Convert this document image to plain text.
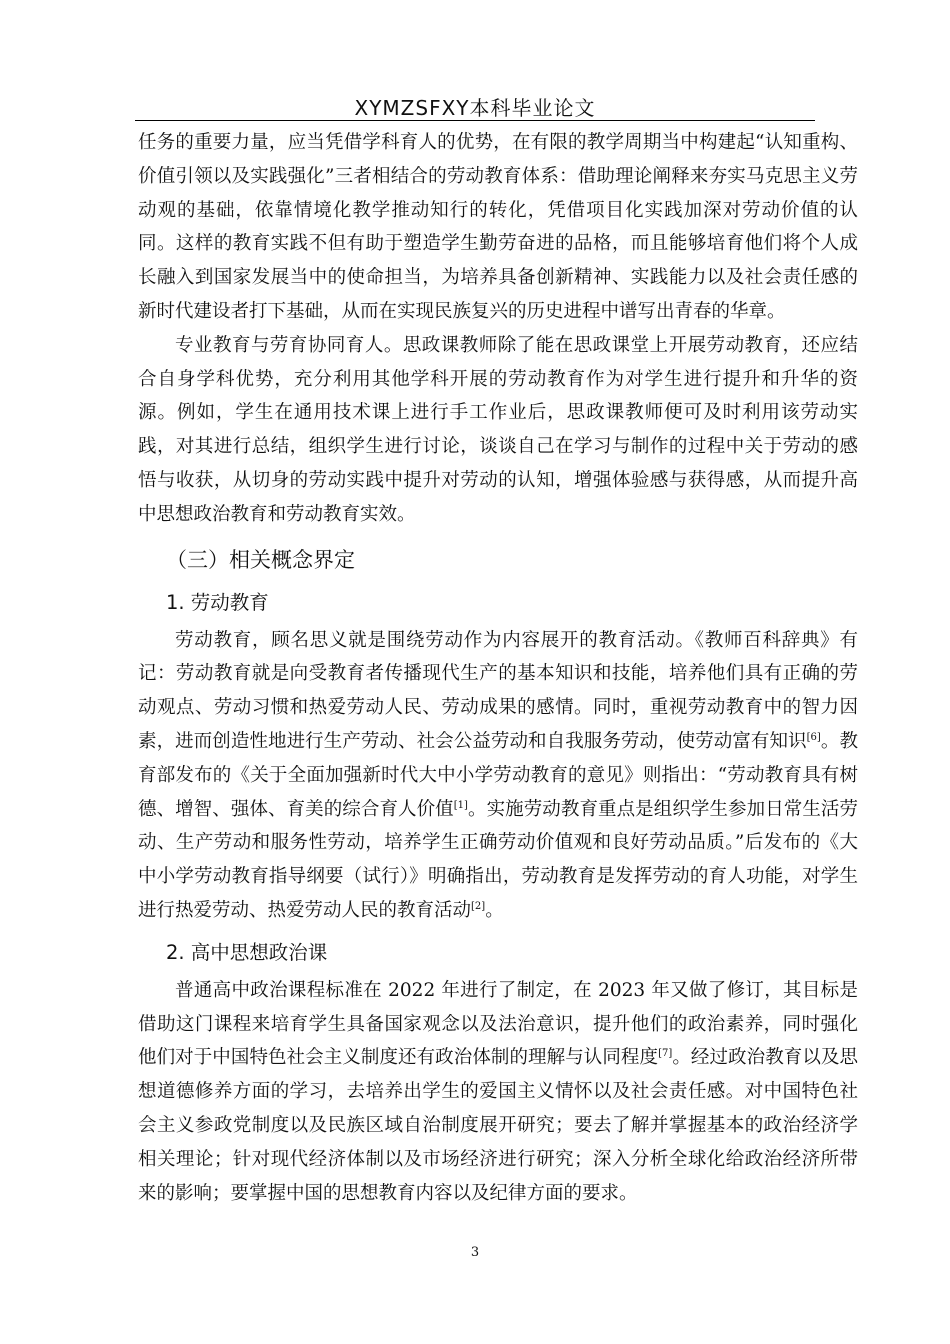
XYMZSFXY本科毕业论文

任务的重要力量，应当凭借学科育人的优势，在有限的教学周期当中构建起“认知重构、价值引领以及实践强化”三者相结合的劳动教育体系：借助理论阐释来夯实马克思主义劳动观的基础，依靠情境化教学推动知行的转化，凭借项目化实践加深对劳动价值的认同。这样的教育实践不但有助于塑造学生勤劳奋进的品格，而且能够培育他们将个人成长融入到国家发展当中的使命担当，为培养具备创新精神、实践能力以及社会责任感的新时代建设者打下基础，从而在实现民族复兴的历史进程中谱写出青春的华章。

专业教育与劳育协同育人。思政课教师除了能在思政课堂上开展劳动教育，还应结合自身学科优势，充分利用其他学科开展的劳动教育作为对学生进行提升和升华的资源。例如，学生在通用技术课上进行手工作业后，思政课教师便可及时利用该劳动实践，对其进行总结，组织学生进行讨论，谈谈自己在学习与制作的过程中关于劳动的感悟与收获，从切身的劳动实践中提升对劳动的认知，增强体验感与获得感，从而提升高中思想政治教育和劳动教育实效。

（三）相关概念界定
1. 劳动教育

劳动教育，顾名思义就是围绕劳动作为内容展开的教育活动。《教师百科辞典》有记：劳动教育就是向受教育者传播现代生产的基本知识和技能，培养他们具有正确的劳动观点、劳动习惯和热爱劳动人民、劳动成果的感情。同时，重视劳动教育中的智力因素，进而创造性地进行生产劳动、社会公益劳动和自我服务劳动，使劳动富有知识[6]。教育部发布的《关于全面加强新时代大中小学劳动教育的意见》则指出：“劳动教育具有树德、增智、强体、育美的综合育人价值[1]。实施劳动教育重点是组织学生参加日常生活劳动、生产劳动和服务性劳动，培养学生正确劳动价值观和良好劳动品质。”后发布的《大中小学劳动教育指导纲要（试行）》明确指出，劳动教育是发挥劳动的育人功能，对学生进行热爱劳动、热爱劳动人民的教育活动[2]。

2. 高中思想政治课

普通高中政治课程标准在 2022 年进行了制定，在 2023 年又做了修订，其目标是借助这门课程来培育学生具备国家观念以及法治意识，提升他们的政治素养，同时强化他们对于中国特色社会主义制度还有政治体制的理解与认同程度[7]。经过政治教育以及思想道德修养方面的学习，去培养出学生的爱国主义情怀以及社会责任感。对中国特色社会主义参政党制度以及民族区域自治制度展开研究；要去了解并掌握基本的政治经济学相关理论；针对现代经济体制以及市场经济进行研究；深入分析全球化给政治经济所带来的影响；要掌握中国的思想教育内容以及纪律方面的要求。

3
